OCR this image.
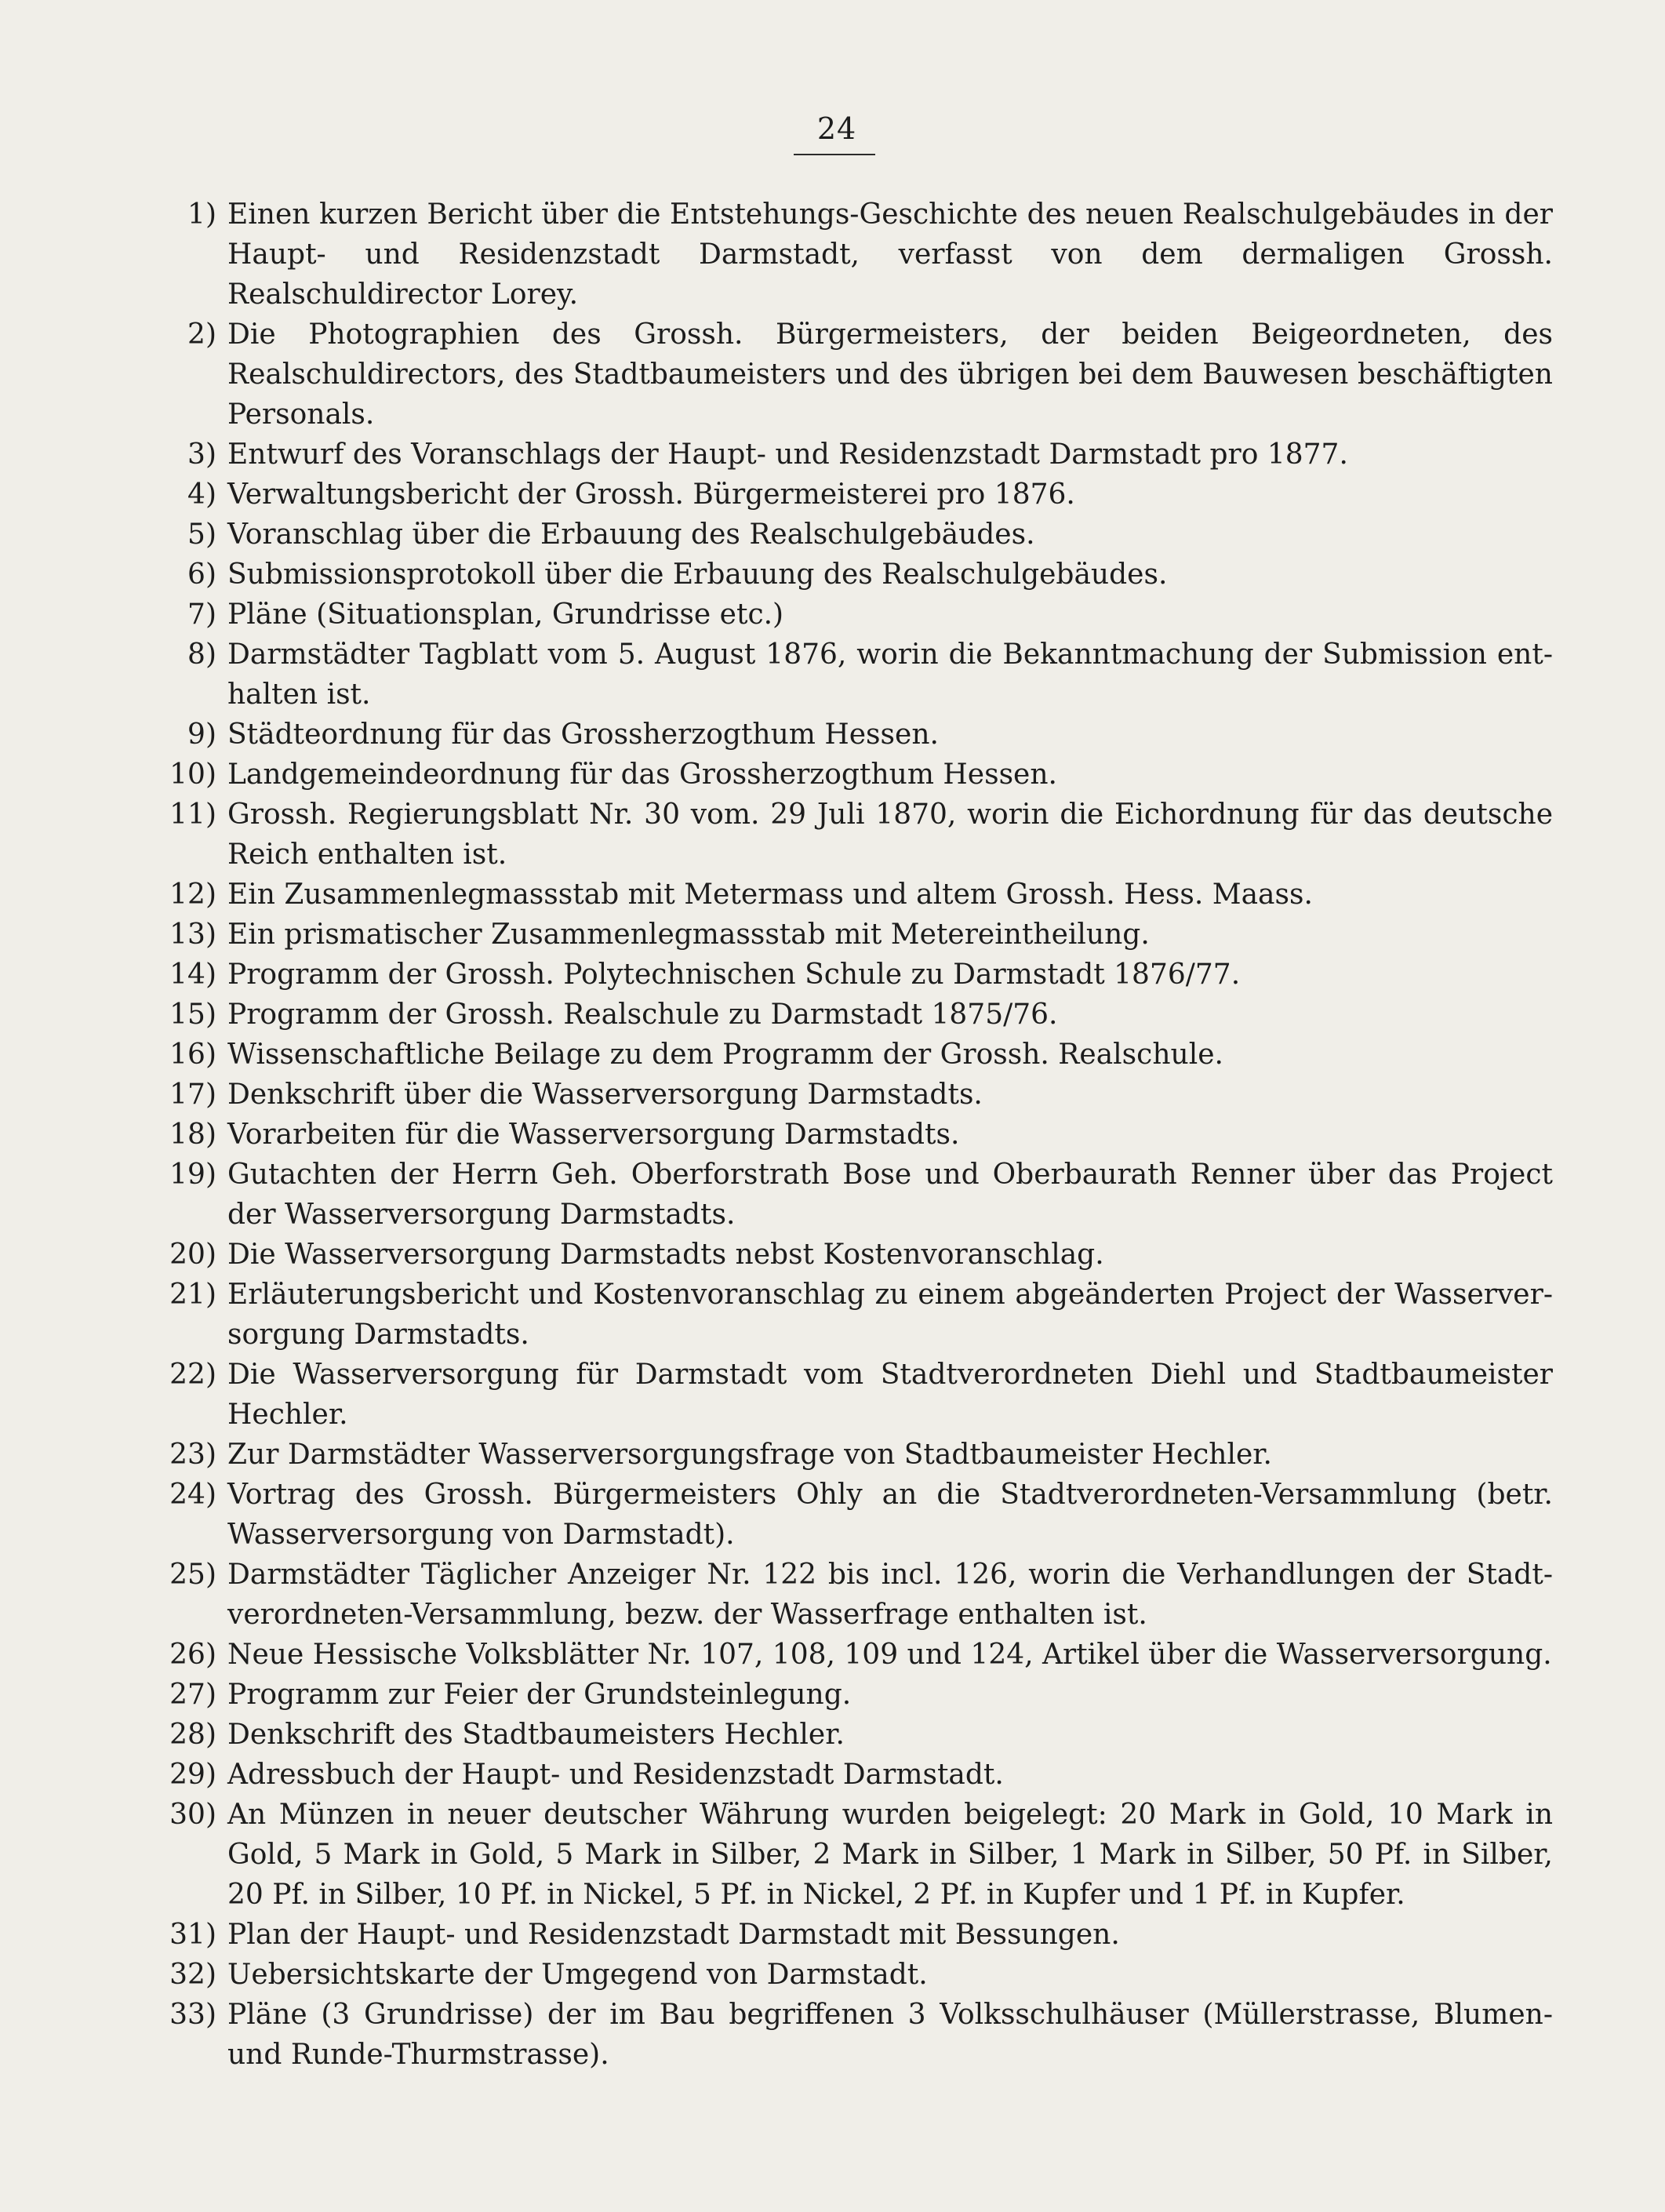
24
1) Einen kurzen Bericht über die Entstehungs-Geschichte des neuen Realschulgebäudes in der Haupt- und Residenzstadt Darmstadt, verfasst von dem dermaligen Grossh. Realschuldirector Lorey.
2) Die Photographien des Grossh. Bürgermeisters, der beiden Beigeordneten, des Realschuldirectors, des Stadtbaumeisters und des übrigen bei dem Bauwesen beschäftigten Personals.
3) Entwurf des Voranschlags der Haupt- und Residenzstadt Darmstadt pro 1877.
4) Verwaltungsbericht der Grossh. Bürgermeisterei pro 1876.
5) Voranschlag über die Erbauung des Realschulgebäudes.
6) Submissionsprotokoll über die Erbauung des Realschulgebäudes.
7) Pläne (Situationsplan, Grundrisse etc.)
8) Darmstädter Tagblatt vom 5. August 1876, worin die Bekanntmachung der Submission enthalten ist.
9) Städteordnung für das Grossherzogthum Hessen.
10) Landgemeindeordnung für das Grossherzogthum Hessen.
11) Grossh. Regierungsblatt Nr. 30 vom. 29 Juli 1870, worin die Eichordnung für das deutsche Reich enthalten ist.
12) Ein Zusammenlegmassstab mit Metermass und altem Grossh. Hess. Maass.
13) Ein prismatischer Zusammenlegmassstab mit Metereintheilung.
14) Programm der Grossh. Polytechnischen Schule zu Darmstadt 1876/77.
15) Programm der Grossh. Realschule zu Darmstadt 1875/76.
16) Wissenschaftliche Beilage zu dem Programm der Grossh. Realschule.
17) Denkschrift über die Wasserversorgung Darmstadts.
18) Vorarbeiten für die Wasserversorgung Darmstadts.
19) Gutachten der Herrn Geh. Oberforstrath Bose und Oberbaurath Renner über das Project der Wasserversorgung Darmstadts.
20) Die Wasserversorgung Darmstadts nebst Kostenvoranschlag.
21) Erläuterungsbericht und Kostenvoranschlag zu einem abgeänderten Project der Wasserversorgung Darmstadts.
22) Die Wasserversorgung für Darmstadt vom Stadtverordneten Diehl und Stadtbaumeister Hechler.
23) Zur Darmstädter Wasserversorgungsfrage von Stadtbaumeister Hechler.
24) Vortrag des Grossh. Bürgermeisters Ohly an die Stadtverordneten-Versammlung (betr. Wasserversorgung von Darmstadt).
25) Darmstädter Täglicher Anzeiger Nr. 122 bis incl. 126, worin die Verhandlungen der Stadtverordneten-Versammlung, bezw. der Wasserfrage enthalten ist.
26) Neue Hessische Volksblätter Nr. 107, 108, 109 und 124, Artikel über die Wasserversorgung.
27) Programm zur Feier der Grundsteinlegung.
28) Denkschrift des Stadtbaumeisters Hechler.
29) Adressbuch der Haupt- und Residenzstadt Darmstadt.
30) An Münzen in neuer deutscher Währung wurden beigelegt: 20 Mark in Gold, 10 Mark in Gold, 5 Mark in Gold, 5 Mark in Silber, 2 Mark in Silber, 1 Mark in Silber, 50 Pf. in Silber, 20 Pf. in Silber, 10 Pf. in Nickel, 5 Pf. in Nickel, 2 Pf. in Kupfer und 1 Pf. in Kupfer.
31) Plan der Haupt- und Residenzstadt Darmstadt mit Bessungen.
32) Uebersichtskarte der Umgegend von Darmstadt.
33) Pläne (3 Grundrisse) der im Bau begriffenen 3 Volksschulhäuser (Müllerstrasse, Blumen- und Runde-Thurmstrasse).
